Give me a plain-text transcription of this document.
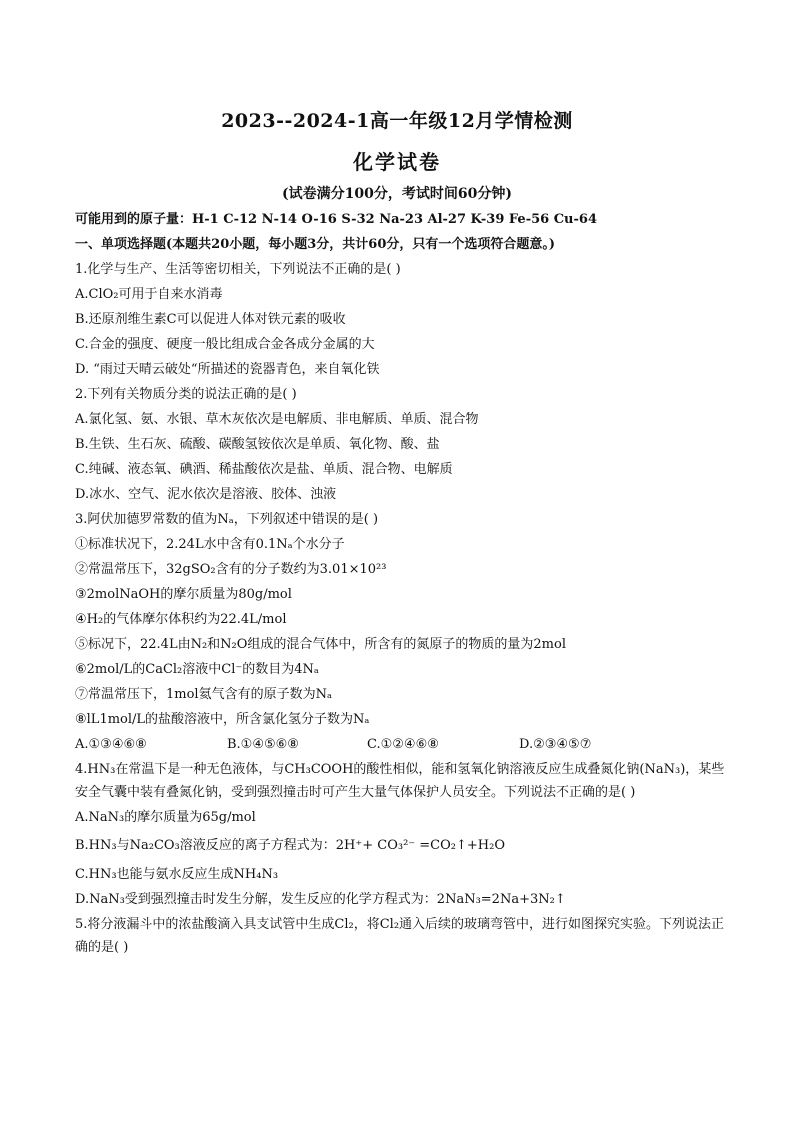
2023--2024-1高一年级12月学情检测
化学试卷
(试卷满分100分，考试时间60分钟)
可能用到的原子量：H-1 C-12 N-14 O-16 S-32 Na-23 Al-27 K-39 Fe-56 Cu-64
一、单项选择题(本题共20小题，每小题3分，共计60分，只有一个选项符合题意。)
1.化学与生产、生活等密切相关，下列说法不正确的是( )
A.ClO₂可用于自来水消毒
B.还原剂维生素C可以促进人体对铁元素的吸收
C.合金的强度、硬度一般比组成合金各成分金属的大
D. “雨过天晴云破处“所描述的瓷器青色，来自氧化铁
2.下列有关物质分类的说法正确的是( )
A.氯化氢、氨、水银、草木灰依次是电解质、非电解质、单质、混合物
B.生铁、生石灰、硫酸、碳酸氢铵依次是单质、氧化物、酸、盐
C.纯碱、液态氧、碘酒、稀盐酸依次是盐、单质、混合物、电解质
D.冰水、空气、泥水依次是溶液、胶体、浊液
3.阿伏加德罗常数的值为Nₐ，下列叙述中错误的是( )
①标准状况下，2.24L水中含有0.1Nₐ个水分子
②常温常压下，32gSO₂含有的分子数约为3.01×10²³
③2molNaOH的摩尔质量为80g/mol
④H₂的气体摩尔体积约为22.4L/mol
⑤标况下，22.4L由N₂和N₂O组成的混合气体中，所含有的氮原子的物质的量为2mol
⑥2mol/L的CaCl₂溶液中Cl⁻的数目为4Nₐ
⑦常温常压下，1mol氦气含有的原子数为Nₐ
⑧lL1mol/L的盐酸溶液中，所含氯化氢分子数为Nₐ
A.①③④⑥⑧	B.①④⑤⑥⑧	C.①②④⑥⑧	D.②③④⑤⑦
4.HN₃在常温下是一种无色液体，与CH₃COOH的酸性相似，能和氢氧化钠溶液反应生成叠氮化钠(NaN₃)，某些安全气囊中装有叠氮化钠，受到强烈撞击时可产生大量气体保护人员安全。下列说法不正确的是( )
A.NaN₃的摩尔质量为65g/mol
B.HN₃与Na₂CO₃溶液反应的离子方程式为：2H⁺+ CO₃²⁻ =CO₂↑+H₂O
C.HN₃也能与氨水反应生成NH₄N₃
D.NaN₃受到强烈撞击时发生分解，发生反应的化学方程式为：2NaN₃=2Na+3N₂↑
5.将分液漏斗中的浓盐酸滴入具支试管中生成Cl₂，将Cl₂通入后续的玻璃弯管中，进行如图探究实验。下列说法正确的是( )
